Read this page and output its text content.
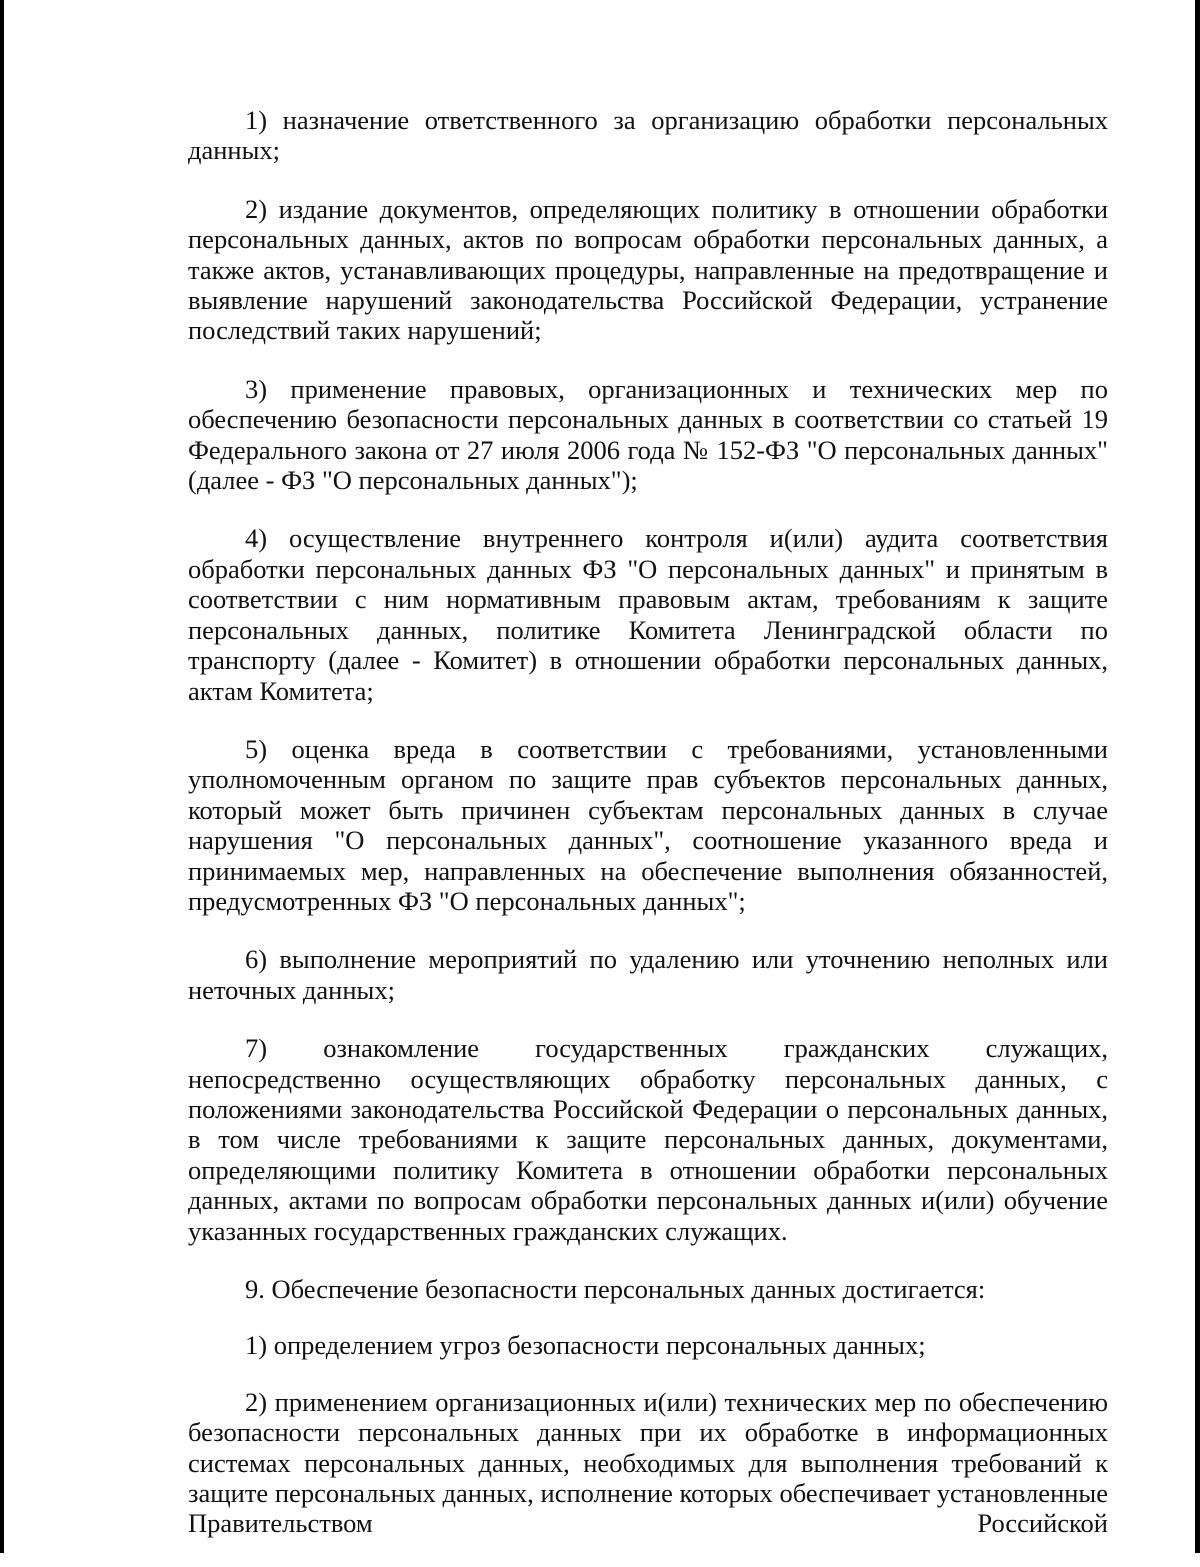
1) назначение ответственного за организацию обработки персональных данных;

2) издание документов, определяющих политику в отношении обработки персональных данных, актов по вопросам обработки персональных данных, а также актов, устанавливающих процедуры, направленные на предотвращение и выявление нарушений законодательства Российской Федерации, устранение последствий таких нарушений;

3) применение правовых, организационных и технических мер по обеспечению безопасности персональных данных в соответствии со статьей 19 Федерального закона от 27 июля 2006 года № 152-ФЗ "О персональных данных" (далее - ФЗ "О персональных данных");

4) осуществление внутреннего контроля и(или) аудита соответствия обработки персональных данных ФЗ "О персональных данных" и принятым в соответствии с ним нормативным правовым актам, требованиям к защите персональных данных, политике Комитета Ленинградской области по транспорту (далее - Комитет) в отношении обработки персональных данных, актам Комитета;

5) оценка вреда в соответствии с требованиями, установленными уполномоченным органом по защите прав субъектов персональных данных, который может быть причинен субъектам персональных данных в случае нарушения "О персональных данных", соотношение указанного вреда и принимаемых мер, направленных на обеспечение выполнения обязанностей, предусмотренных ФЗ "О персональных данных";

6) выполнение мероприятий по удалению или уточнению неполных или неточных данных;

7) ознакомление государственных гражданских служащих, непосредственно осуществляющих обработку персональных данных, с положениями законодательства Российской Федерации о персональных данных, в том числе требованиями к защите персональных данных, документами, определяющими политику Комитета в отношении обработки персональных данных, актами по вопросам обработки персональных данных и(или) обучение указанных государственных гражданских служащих.

9. Обеспечение безопасности персональных данных достигается:

1) определением угроз безопасности персональных данных;

2) применением организационных и(или) технических мер по обеспечению безопасности персональных данных при их обработке в информационных системах персональных данных, необходимых для выполнения требований к защите персональных данных, исполнение которых обеспечивает установленные Правительством Российской
